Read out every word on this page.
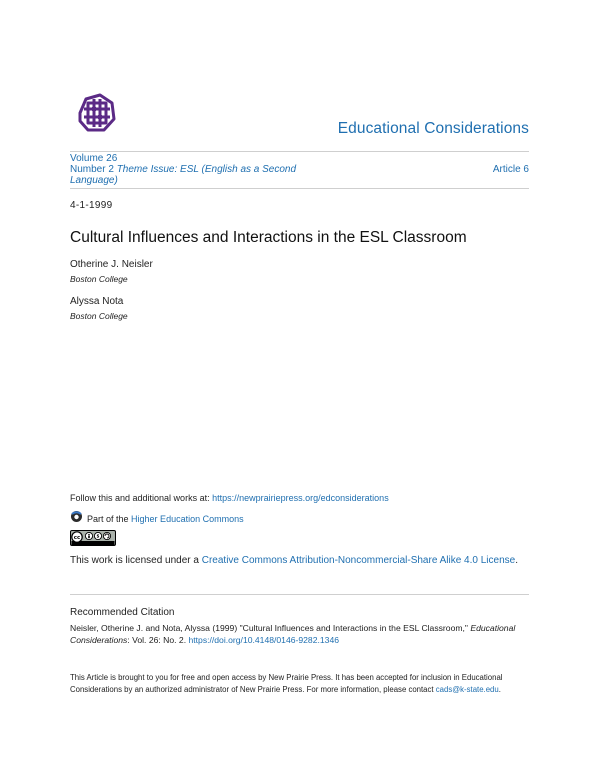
Educational Considerations
Volume 26
Number 2 Theme Issue: ESL (English as a Second Language)
Article 6
4-1-1999
Cultural Influences and Interactions in the ESL Classroom
Otherine J. Neisler
Boston College
Alyssa Nota
Boston College
Follow this and additional works at: https://newprairiepress.org/edconsiderations
Part of the Higher Education Commons
cc	$
This work is licensed under a Creative Commons Attribution-Noncommercial-Share Alike 4.0 License.
Recommended Citation
Neisler, Otherine J. and Nota, Alyssa (1999) "Cultural Influences and Interactions in the ESL Classroom," Educational Considerations: Vol. 26: No. 2. https://doi.org/10.4148/0146-9282.1346
This Article is brought to you for free and open access by New Prairie Press. It has been accepted for inclusion in Educational Considerations by an authorized administrator of New Prairie Press. For more information, please contact cads@k-state.edu.
